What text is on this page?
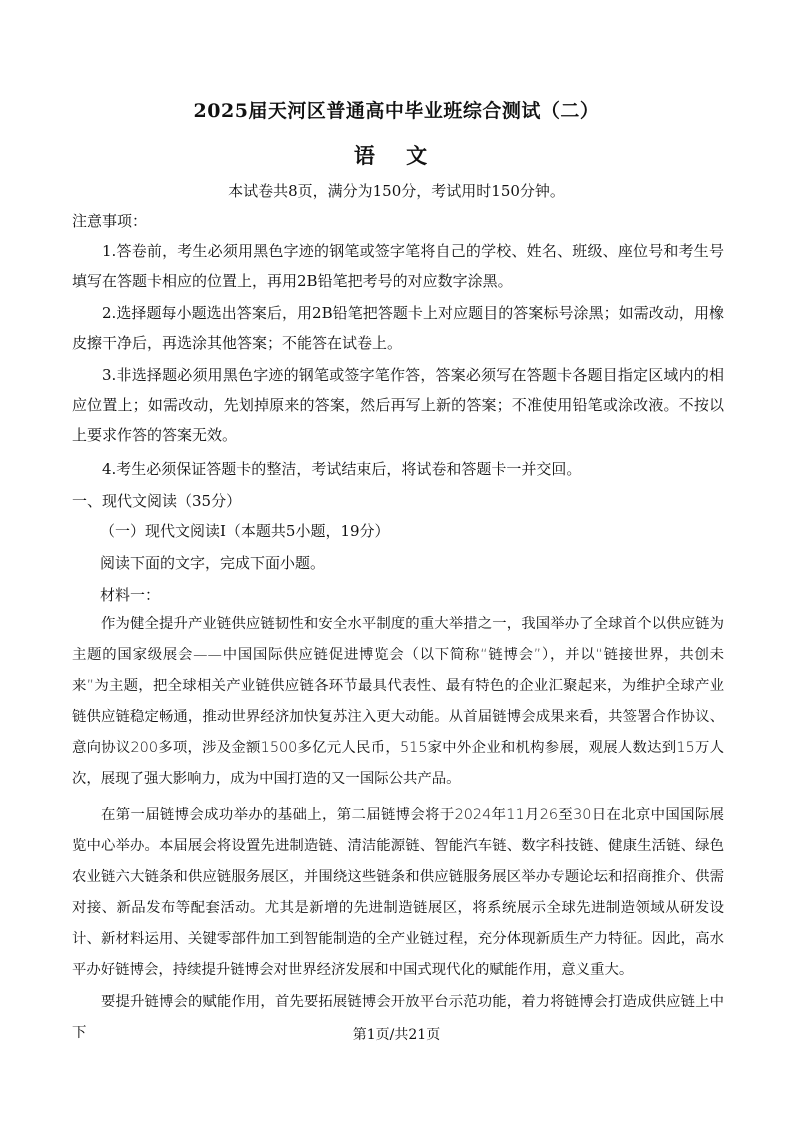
2025届天河区普通高中毕业班综合测试（二）
语 文
本试卷共8页，满分为150分，考试用时150分钟。
注意事项：
1.答卷前，考生必须用黑色字迹的钢笔或签字笔将自己的学校、姓名、班级、座位号和考生号填写在答题卡相应的位置上，再用2B铅笔把考号的对应数字涂黑。
2.选择题每小题选出答案后，用2B铅笔把答题卡上对应题目的答案标号涂黑；如需改动，用橡皮擦干净后，再选涂其他答案；不能答在试卷上。
3.非选择题必须用黑色字迹的钢笔或签字笔作答，答案必须写在答题卡各题目指定区域内的相应位置上；如需改动，先划掉原来的答案，然后再写上新的答案；不准使用铅笔或涂改液。不按以上要求作答的答案无效。
4.考生必须保证答题卡的整洁，考试结束后，将试卷和答题卡一并交回。
一、现代文阅读（35分）
（一）现代文阅读Ⅰ（本题共5小题，19分）
阅读下面的文字，完成下面小题。
材料一：
作为健全提升产业链供应链韧性和安全水平制度的重大举措之一，我国举办了全球首个以供应链为主题的国家级展会——中国国际供应链促进博览会（以下简称“链博会”），并以“链接世界，共创未来”为主题，把全球相关产业链供应链各环节最具代表性、最有特色的企业汇聚起来，为维护全球产业链供应链稳定畅通，推动世界经济加快复苏注入更大动能。从首届链博会成果来看，共签署合作协议、意向协议200多项，涉及金额1500多亿元人民币，515家中外企业和机构参展，观展人数达到15万人次，展现了强大影响力，成为中国打造的又一国际公共产品。
在第一届链博会成功举办的基础上，第二届链博会将于2024年11月26至30日在北京中国国际展览中心举办。本届展会将设置先进制造链、清洁能源链、智能汽车链、数字科技链、健康生活链、绿色农业链六大链条和供应链服务展区，并围绕这些链条和供应链服务展区举办专题论坛和招商推介、供需对接、新品发布等配套活动。尤其是新增的先进制造链展区，将系统展示全球先进制造领域从研发设计、新材料运用、关键零部件加工到智能制造的全产业链过程，充分体现新质生产力特征。因此，高水平办好链博会，持续提升链博会对世界经济发展和中国式现代化的赋能作用，意义重大。
要提升链博会的赋能作用，首先要拓展链博会开放平台示范功能，着力将链博会打造成供应链上中下	第1页/共21页
